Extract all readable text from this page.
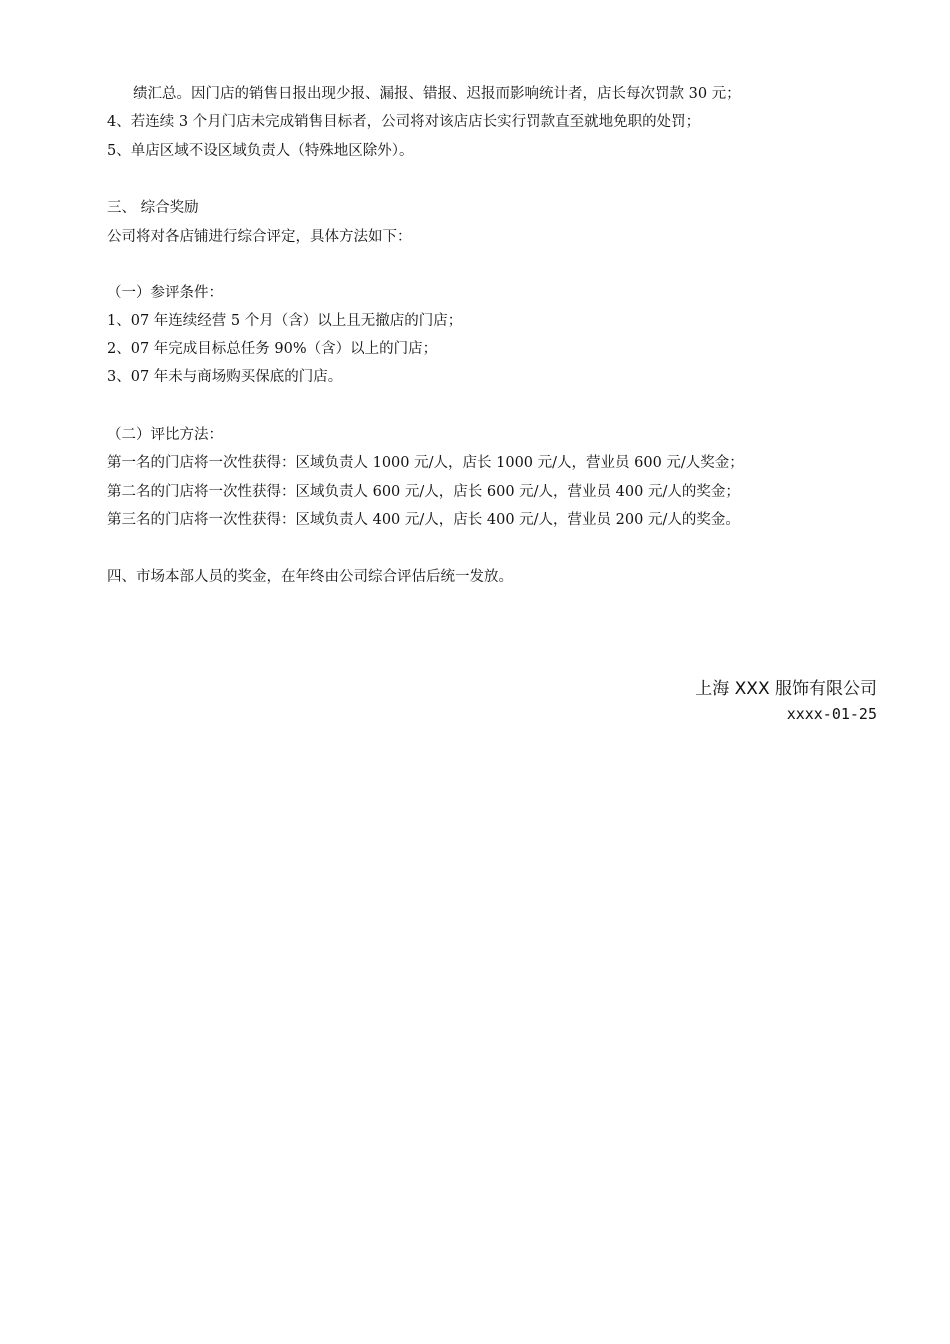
绩汇总。因门店的销售日报出现少报、漏报、错报、迟报而影响统计者，店长每次罚款 30 元；
4、若连续 3 个月门店未完成销售目标者，公司将对该店店长实行罚款直至就地免职的处罚；
5、单店区域不设区域负责人（特殊地区除外）。
三、 综合奖励
公司将对各店铺进行综合评定，具体方法如下：
（一）参评条件：
1、07 年连续经营 5 个月（含）以上且无撤店的门店；
2、07 年完成目标总任务 90%（含）以上的门店；
3、07 年未与商场购买保底的门店。
（二）评比方法：
第一名的门店将一次性获得：区域负责人 1000 元/人，店长 1000 元/人，营业员 600 元/人奖金；
第二名的门店将一次性获得：区域负责人 600 元/人，店长 600 元/人，营业员 400 元/人的奖金；
第三名的门店将一次性获得：区域负责人 400 元/人，店长 400 元/人，营业员 200 元/人的奖金。
四、市场本部人员的奖金，在年终由公司综合评估后统一发放。
上海 XXX 服饰有限公司
xxxx-01-25
